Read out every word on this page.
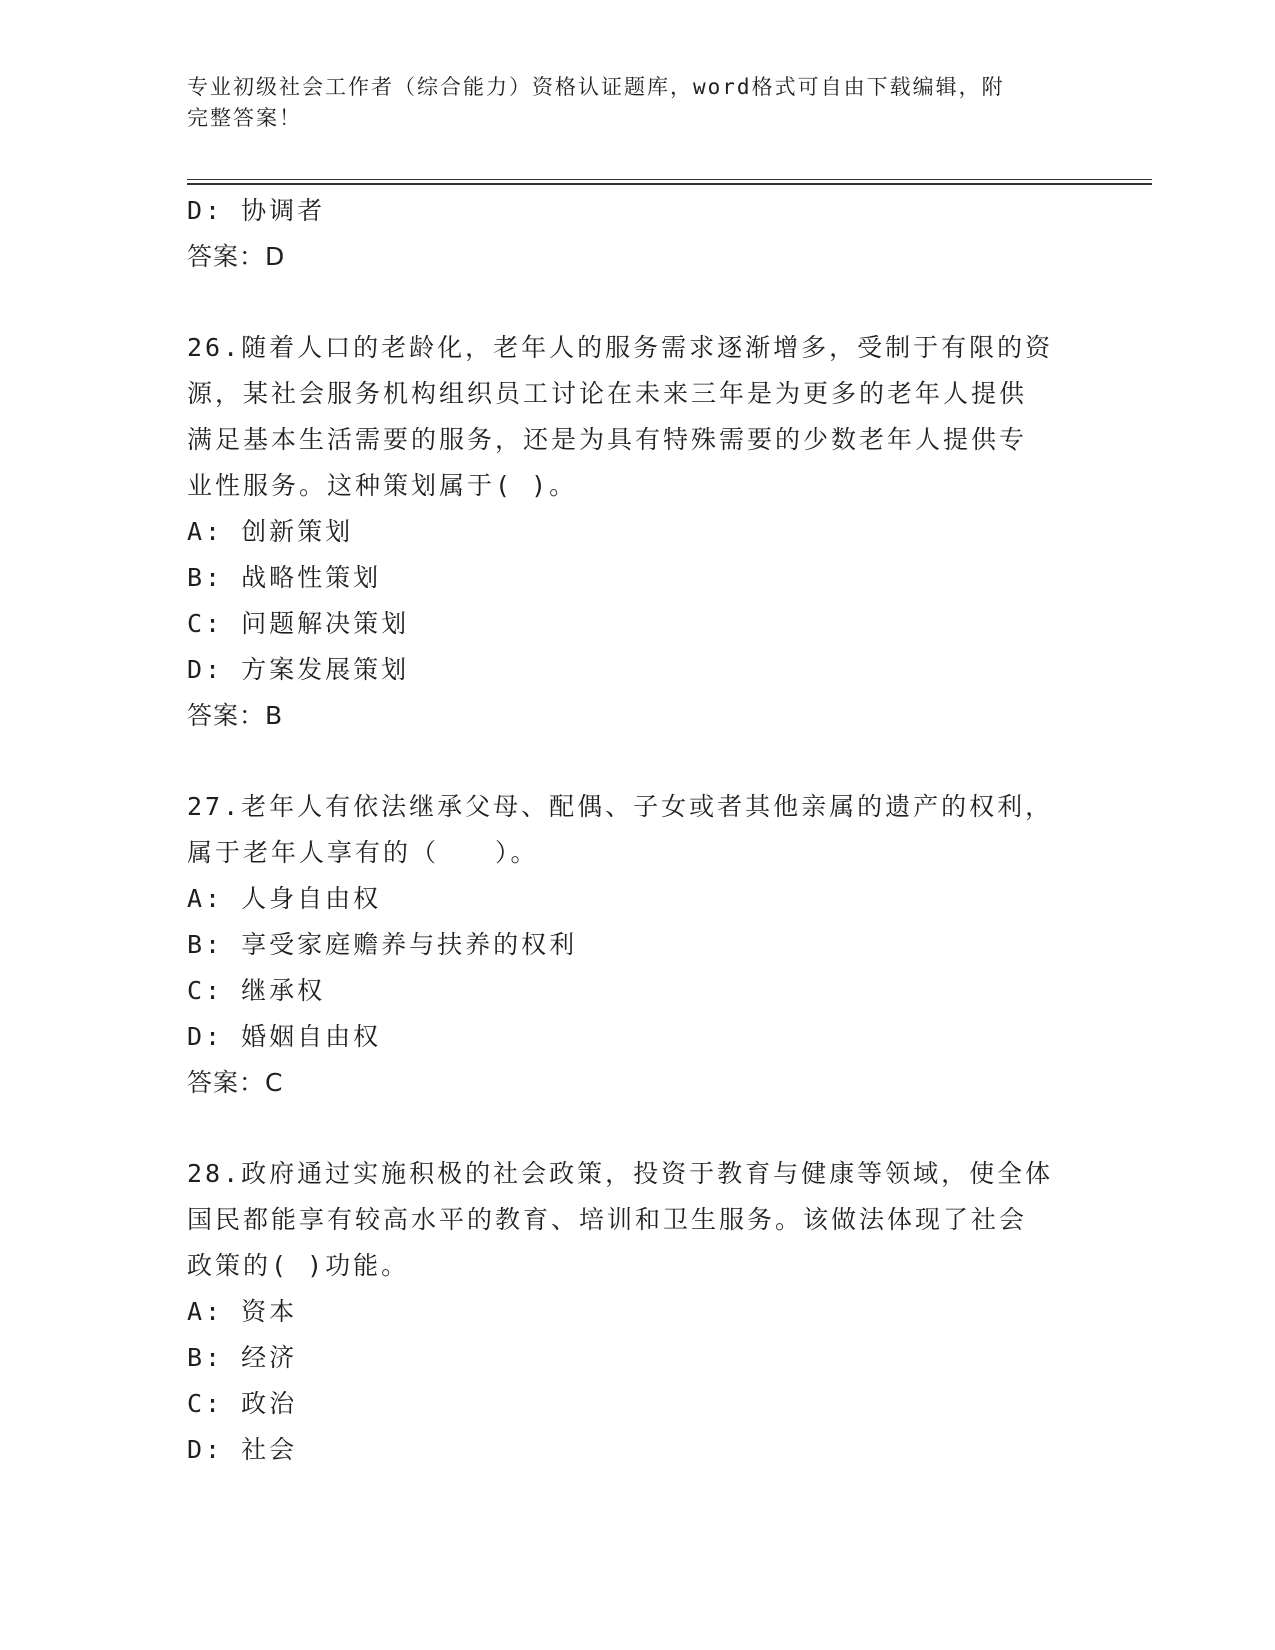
专业初级社会工作者（综合能力）资格认证题库，word格式可自由下载编辑，附
完整答案！
D: 协调者
答案：D
26.随着人口的老龄化，老年人的服务需求逐渐增多，受制于有限的资
源，某社会服务机构组织员工讨论在未来三年是为更多的老年人提供
满足基本生活需要的服务，还是为具有特殊需要的少数老年人提供专
业性服务。这种策划属于( )。
A: 创新策划
B: 战略性策划
C: 问题解决策划
D: 方案发展策划
答案：B
27.老年人有依法继承父母、配偶、子女或者其他亲属的遗产的权利，
属于老年人享有的（　　）。
A: 人身自由权
B: 享受家庭赡养与扶养的权利
C: 继承权
D: 婚姻自由权
答案：C
28.政府通过实施积极的社会政策，投资于教育与健康等领域，使全体
国民都能享有较高水平的教育、培训和卫生服务。该做法体现了社会
政策的( )功能。
A: 资本
B: 经济
C: 政治
D: 社会
